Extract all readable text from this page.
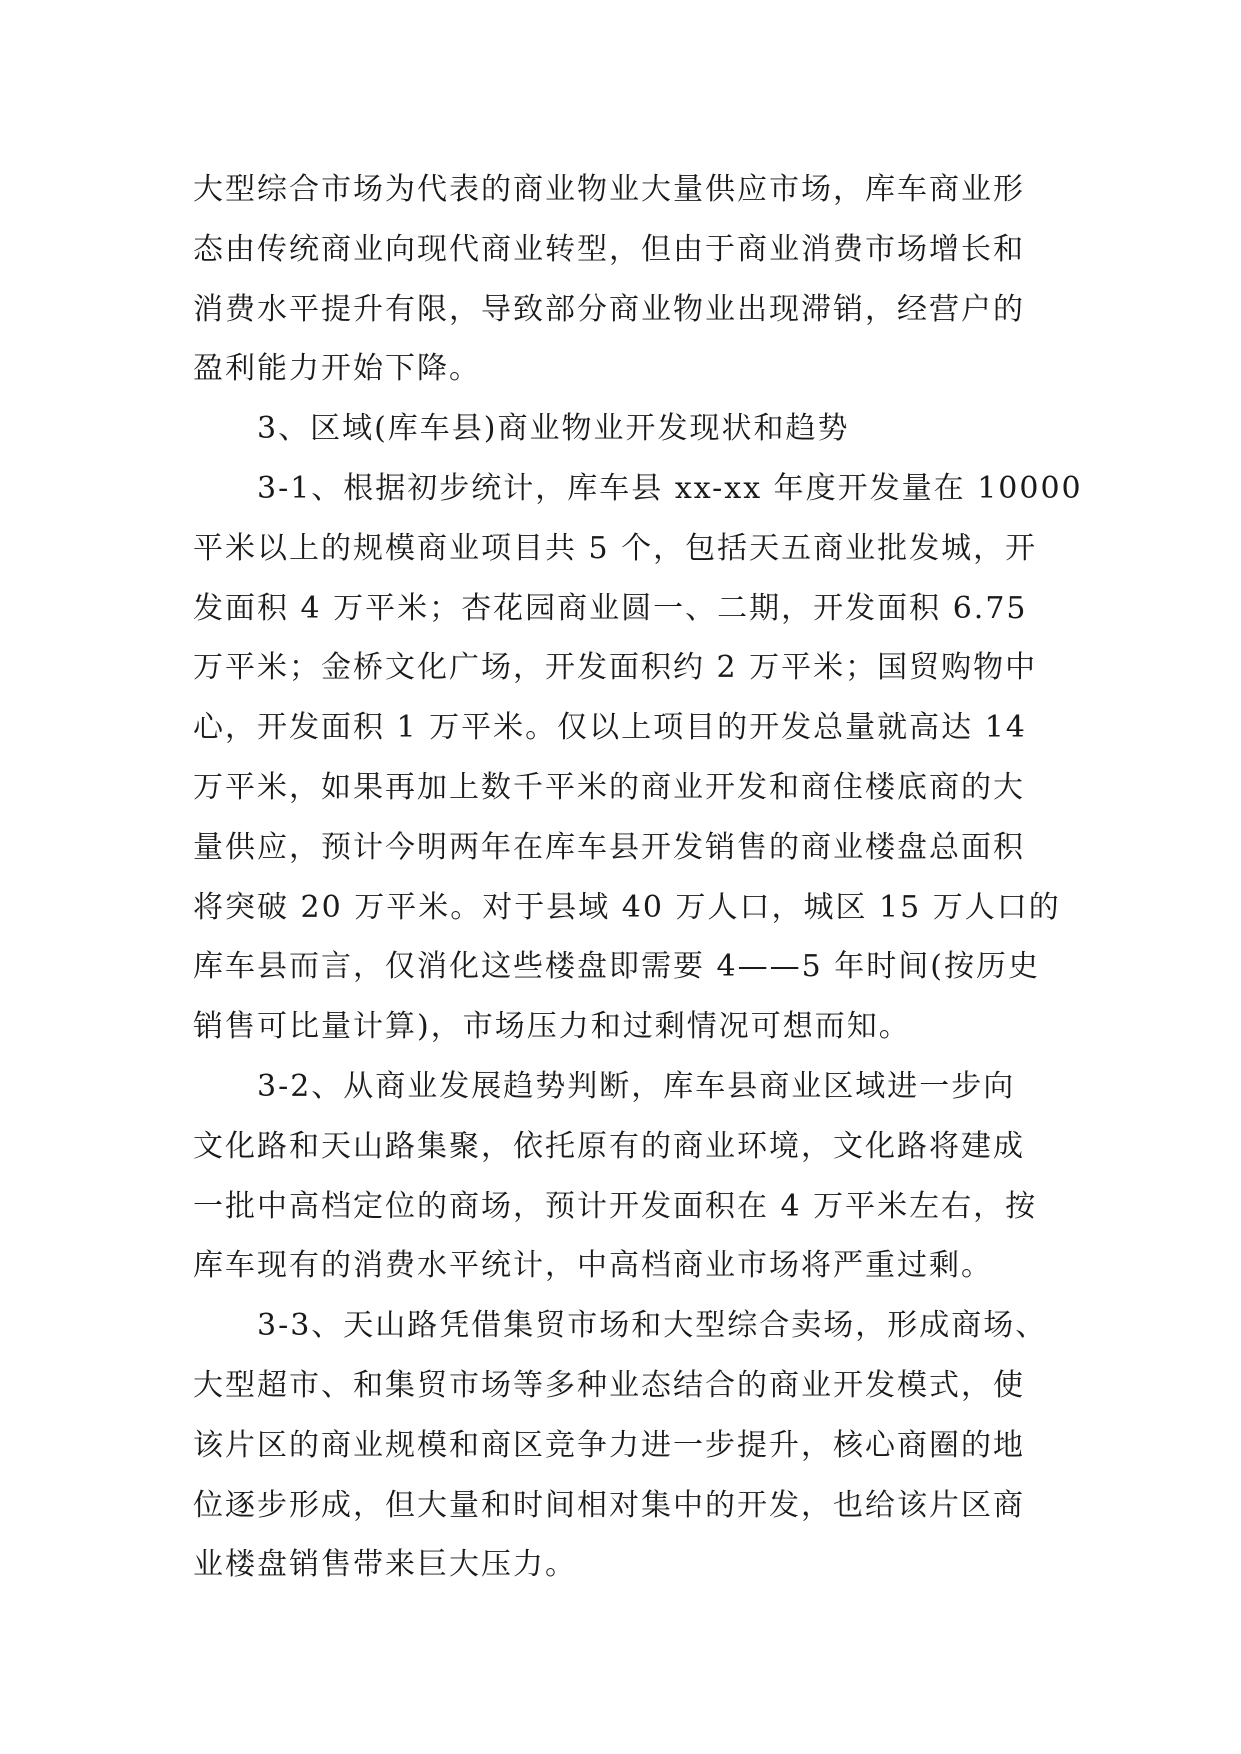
大型综合市场为代表的商业物业大量供应市场，库车商业形
态由传统商业向现代商业转型，但由于商业消费市场增长和
消费水平提升有限，导致部分商业物业出现滞销，经营户的
盈利能力开始下降。
3、区域(库车县)商业物业开发现状和趋势
3-1、根据初步统计，库车县 xx-xx 年度开发量在 10000
平米以上的规模商业项目共 5 个，包括天五商业批发城，开
发面积 4 万平米；杏花园商业圆一、二期，开发面积 6.75
万平米；金桥文化广场，开发面积约 2 万平米；国贸购物中
心，开发面积 1 万平米。仅以上项目的开发总量就高达 14
万平米，如果再加上数千平米的商业开发和商住楼底商的大
量供应，预计今明两年在库车县开发销售的商业楼盘总面积
将突破 20 万平米。对于县域 40 万人口，城区 15 万人口的
库车县而言，仅消化这些楼盘即需要 4——5 年时间(按历史
销售可比量计算)，市场压力和过剩情况可想而知。
3-2、从商业发展趋势判断，库车县商业区域进一步向
文化路和天山路集聚，依托原有的商业环境，文化路将建成
一批中高档定位的商场，预计开发面积在 4 万平米左右，按
库车现有的消费水平统计，中高档商业市场将严重过剩。
3-3、天山路凭借集贸市场和大型综合卖场，形成商场、
大型超市、和集贸市场等多种业态结合的商业开发模式，使
该片区的商业规模和商区竞争力进一步提升，核心商圈的地
位逐步形成，但大量和时间相对集中的开发，也给该片区商
业楼盘销售带来巨大压力。
